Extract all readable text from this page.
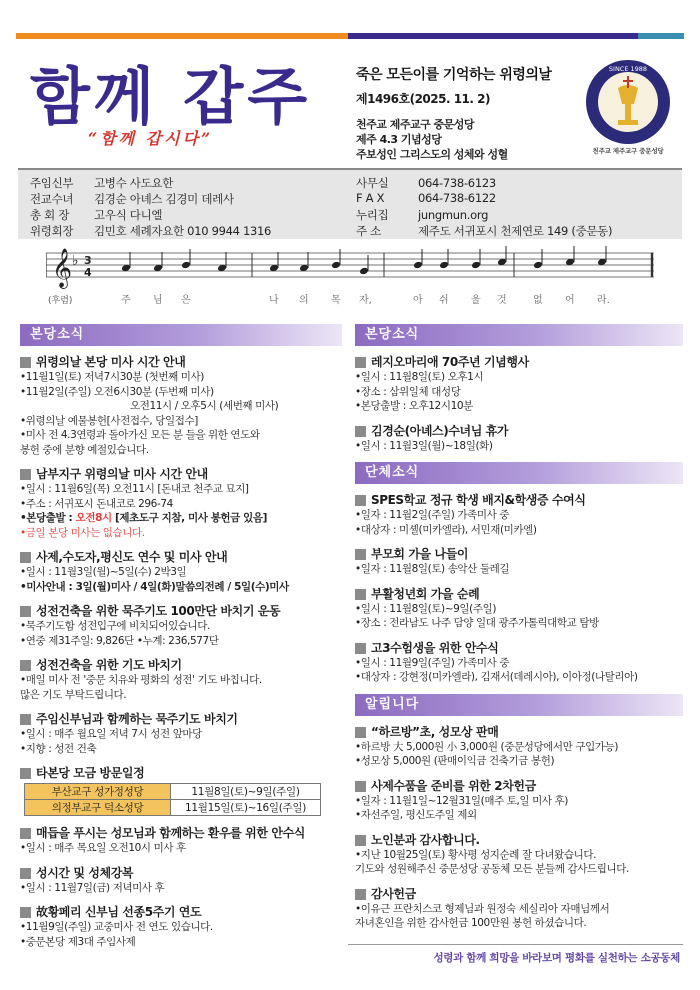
함께 갑주
“함께 갑시다”
죽은 모든이를 기억하는 위령의날
제1496호(2025. 11. 2)
천주교 제주교구 중문성당
제주 4.3 기념성당
주보성인 그리스도의 성체와 성혈
SINCE 1988
천주교 제주교구 중문성당
주임신부 고병수 사도요한
전교수녀 김경순 아녜스 김경미 데레사
총 회 장 고우식 다니엘
위령회장 김민호 세례자요한 010 9944 1316
사무실	064-738-6123
F A X	064-738-6122
누리집	jungmun.org
주 소	제주도 서귀포시 천제연로 149 (중문동)
𝄞 ♭ 3
4
(후렴)	주 님 은	나 의 목 자,	아 쉬 울 것	없 어 라.
본당소식
위령의날 본당 미사 시간 안내
•11월1일(토) 저녁7시30분 (첫번째 미사)
•11월2일(주일) 오전6시30분 (두번째 미사)
오전11시 / 오후5시 (세번째 미사)
•위령의날 예물봉헌[사전접수, 당일접수]
•미사 전 4.3연령과 돌아가신 모든 분 들을 위한 연도와
봉헌 중에 분향 예절있습니다.
남부지구 위령의날 미사 시간 안내
•일시 : 11월6일(목) 오전11시 [돈내코 천주교 묘지]
•주소 : 서귀포시 돈내코로 296-74
•본당출발 : 오전8시 [제초도구 지참, 미사 봉헌금 있음]
•금일 본당 미사는 없습니다.
사제,수도자,평신도 연수 및 미사 안내
•일시 : 11월3일(월)~5일(수) 2박3일
•미사안내 : 3일(월)미사 / 4일(화)말씀의전례 / 5일(수)미사
성전건축을 위한 묵주기도 100만단 바치기 운동
•묵주기도함 성전입구에 비치되어있습니다.
•연중 제31주일: 9,826단 •누계: 236,577단
성전건축을 위한 기도 바치기
•매일 미사 전 '중문 치유와 평화의 성전' 기도 바칩니다.
많은 기도 부탁드립니다.
주임신부님과 함께하는 묵주기도 바치기
•일시 : 매주 월요일 저녁 7시 성전 앞마당
•지향 : 성전 건축
타본당 모금 방문일정
부산교구 성가정성당	11월8일(토)~9일(주일)
의정부교구 덕소성당	11월15일(토)~16일(주일)
매듭을 푸시는 성모님과 함께하는 환우를 위한 안수식
•일시 : 매주 목요일 오전10시 미사 후
성시간 및 성체강복
•일시 : 11월7일(금) 저녁미사 후
故황페리 신부님 선종5주기 연도
•11월9일(주일) 교중미사 전 연도 있습니다.
•중문본당 제3대 주임사제
본당소식
레지오마리애 70주년 기념행사
•일시 : 11월8일(토) 오후1시
•장소 : 삼위일체 대성당
•본당출발 : 오후12시10분
김경순(아녜스)수녀님 휴가
•일시 : 11월3일(월)~18일(화)
단체소식
SPES학교 정규 학생 배지&학생증 수여식
•일자 : 11월2일(주일) 가족미사 중
•대상자 : 미셸(미카엘라), 서민재(미카엘)
부모회 가을 나들이
•일자 : 11월8일(토) 송악산 둘레길
부활청년회 가을 순례
•일시 : 11월8일(토)~9일(주일)
•장소 : 전라남도 나주 담양 일대 광주가톨릭대학교 탐방
고3수험생을 위한 안수식
•일시 : 11월9일(주일) 가족미사 중
•대상자 : 강현정(미카엘라), 김재서(데레시아), 이아정(나탈리아)
알립니다
“하르방”초, 성모상 판매
•하르방 大 5,000원 小 3,000원 (중문성당에서만 구입가능)
•성모상 5,000원 (판매이익금 건축기금 봉헌)
사제수품을 준비를 위한 2차헌금
•일자 : 11월1일~12월31일(매주 토,일 미사 후)
•자선주일, 평신도주일 제외
노인분과 감사합니다.
•지난 10월25일(토) 황사평 성지순례 잘 다녀왔습니다.
기도와 성원해주신 중문성당 공동체 모든 분들께 감사드립니다.
감사헌금
•이유근 프란치스코 형제님과 원정숙 세실리아 자매님께서
자녀혼인을 위한 감사헌금 100만원 봉헌 하셨습니다.
성령과 함께 희망을 바라보며 평화를 실천하는 소공동체
